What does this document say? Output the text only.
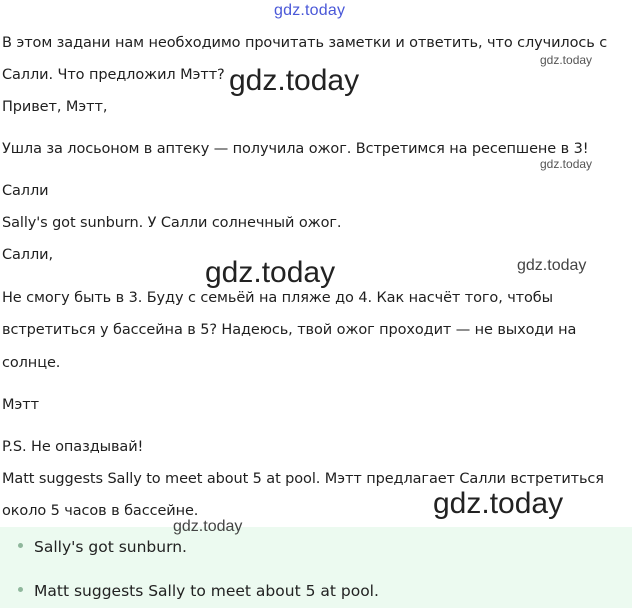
gdz.today
В этом задани нам необходимо прочитать заметки и ответить, что случилось с
Салли. Что предложил Мэтт?
Привет, Мэтт,
Ушла за лосьоном в аптеку — получила ожог. Встретимся на ресепшене в 3!
Салли
Sally's got sunburn. У Салли солнечный ожог.
Салли,
Не смогу быть в 3. Буду с семьёй на пляже до 4. Как насчёт того, чтобы
встретиться у бассейна в 5? Надеюсь, твой ожог проходит — не выходи на
солнце.
Мэтт
P.S. Не опаздывай!
Matt suggests Sally to meet about 5 at pool. Мэтт предлагает Салли встретиться
около 5 часов в бассейне.
gdz.today
gdz.today
gdz.today
gdz.today	gdz.today
gdz.today
Sally's got sunburn.
Matt suggests Sally to meet about 5 at pool.
gdz.today
